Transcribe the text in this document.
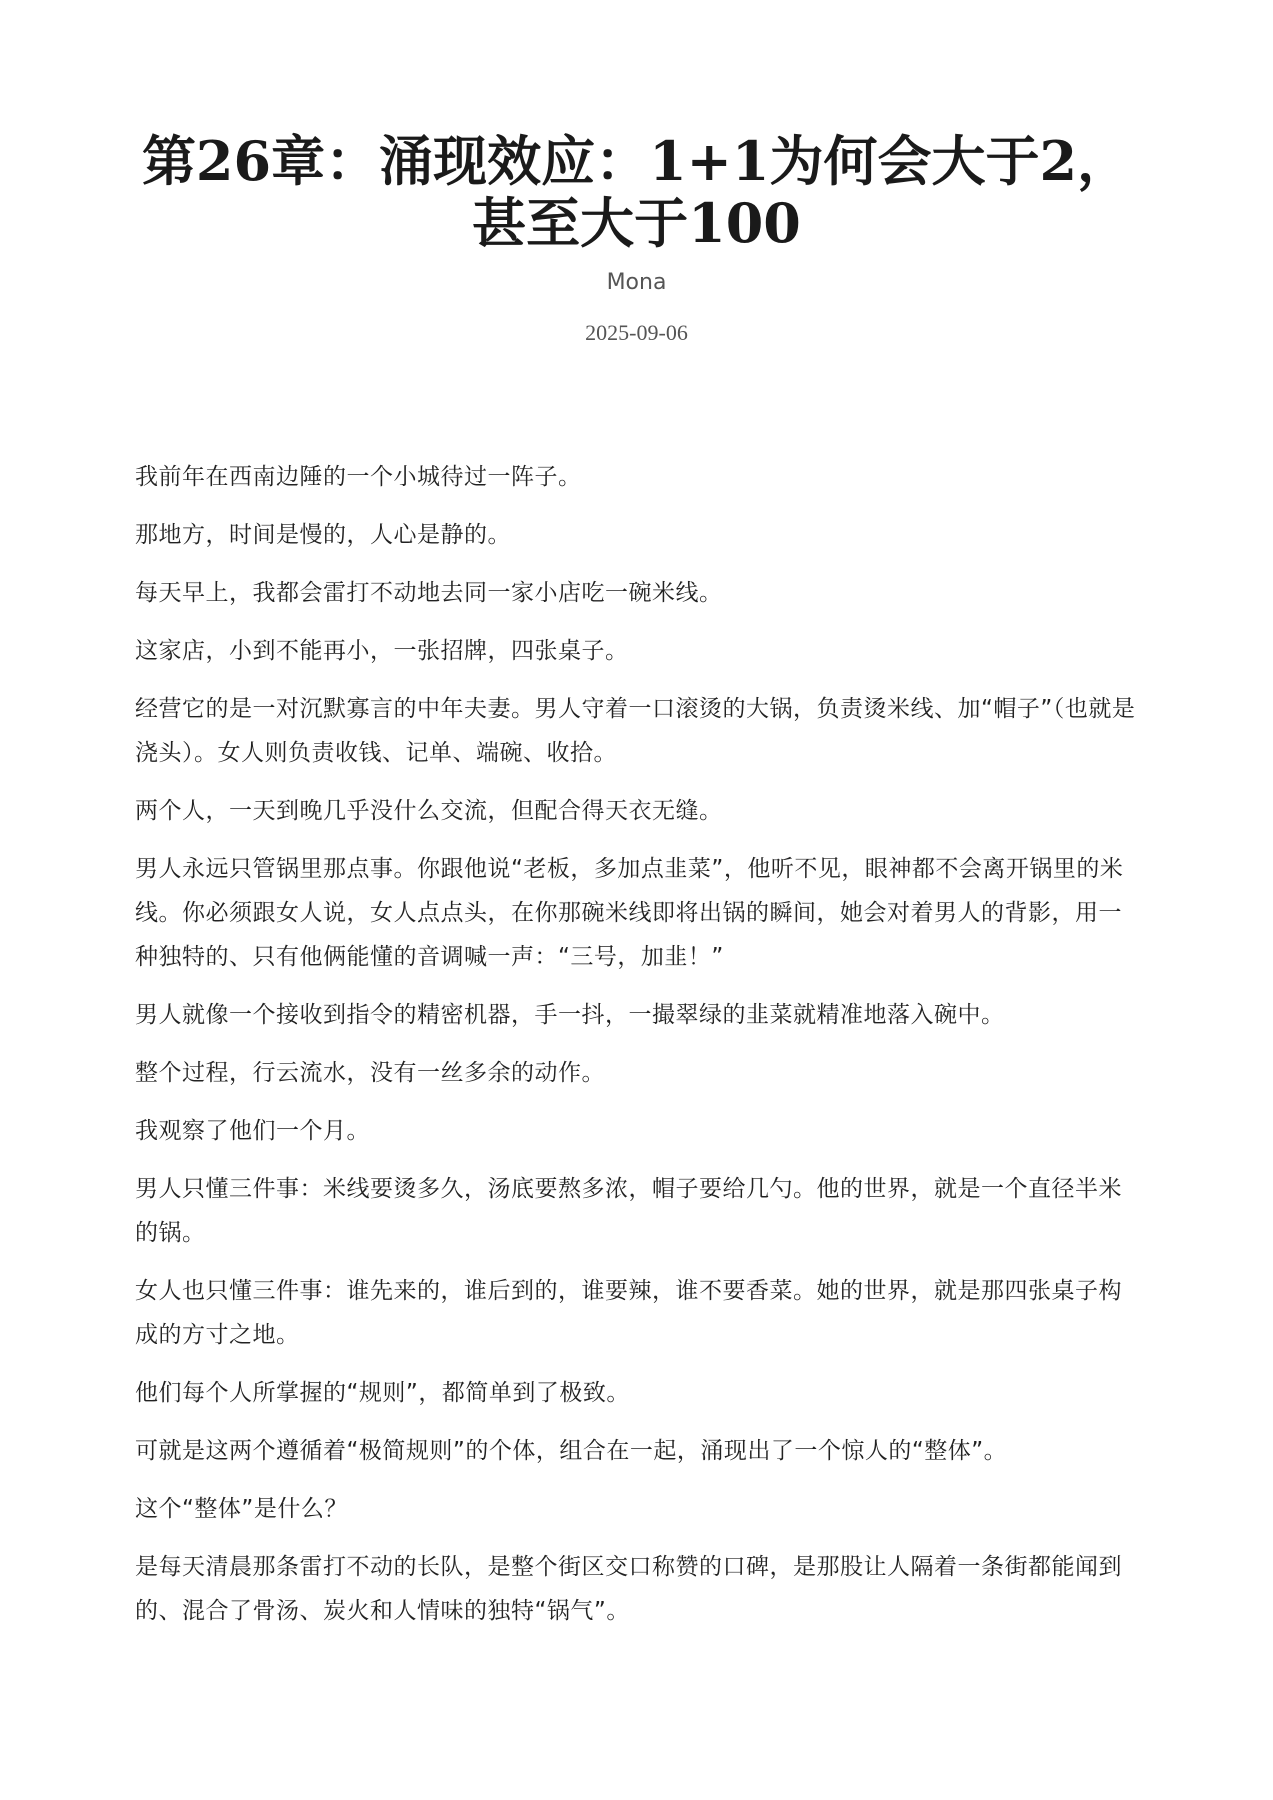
第26章：涌现效应：1+1为何会大于2，甚至大于100
Mona
2025-09-06

我前年在西南边陲的一个小城待过一阵子。

那地方，时间是慢的，人心是静的。

每天早上，我都会雷打不动地去同一家小店吃一碗米线。

这家店，小到不能再小，一张招牌，四张桌子。

经营它的是一对沉默寡言的中年夫妻。男人守着一口滚烫的大锅，负责烫米线、加“帽子”（也就是浇头）。女人则负责收钱、记单、端碗、收拾。

两个人，一天到晚几乎没什么交流，但配合得天衣无缝。

男人永远只管锅里那点事。你跟他说“老板，多加点韭菜”，他听不见，眼神都不会离开锅里的米线。你必须跟女人说，女人点点头，在你那碗米线即将出锅的瞬间，她会对着男人的背影，用一种独特的、只有他俩能懂的音调喊一声：“三号，加韭！”

男人就像一个接收到指令的精密机器，手一抖，一撮翠绿的韭菜就精准地落入碗中。

整个过程，行云流水，没有一丝多余的动作。

我观察了他们一个月。

男人只懂三件事：米线要烫多久，汤底要熬多浓，帽子要给几勺。他的世界，就是一个直径半米的锅。

女人也只懂三件事：谁先来的，谁后到的，谁要辣，谁不要香菜。她的世界，就是那四张桌子构成的方寸之地。

他们每个人所掌握的“规则”，都简单到了极致。

可就是这两个遵循着“极简规则”的个体，组合在一起，涌现出了一个惊人的“整体”。

这个“整体”是什么？

是每天清晨那条雷打不动的长队，是整个街区交口称赞的口碑，是那股让人隔着一条街都能闻到的、混合了骨汤、炭火和人情味的独特“锅气”。
